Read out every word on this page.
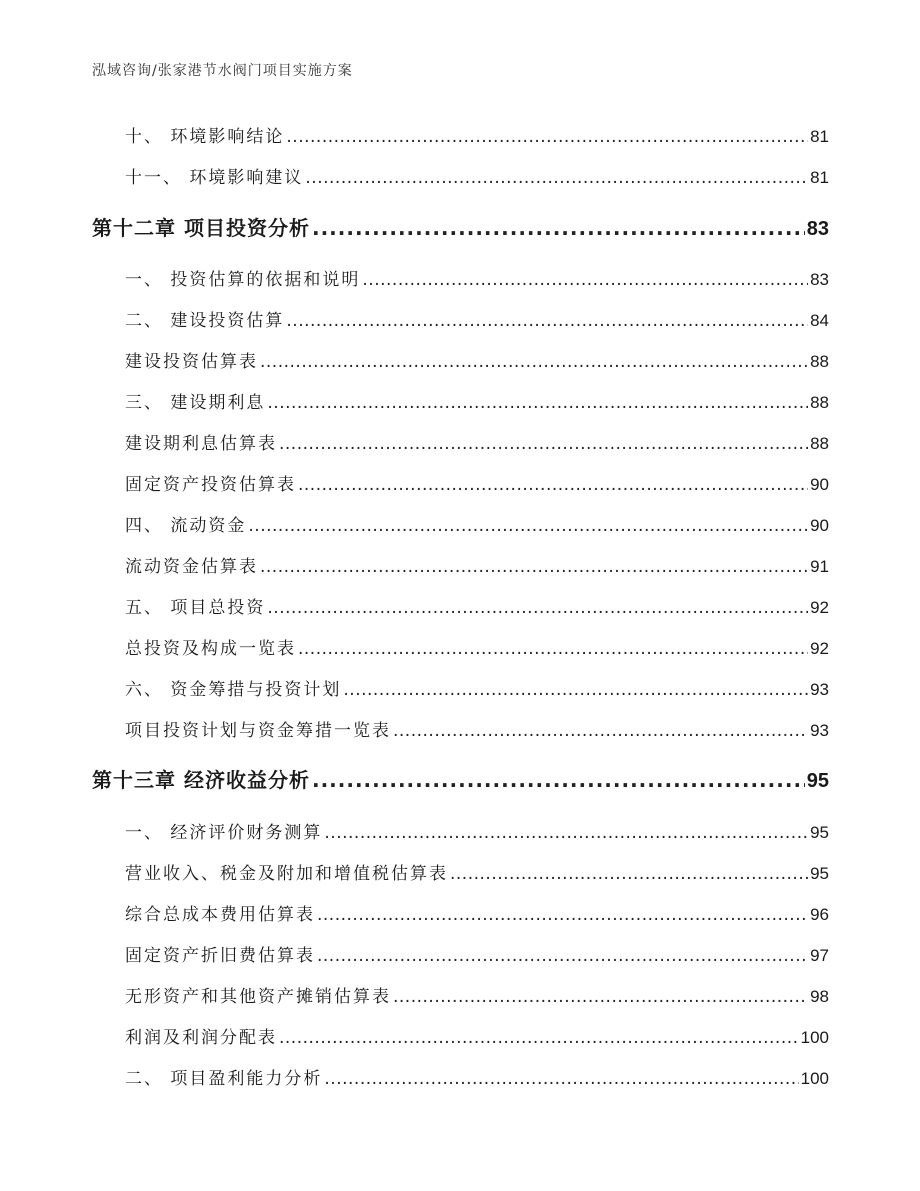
泓域咨询/张家港节水阀门项目实施方案
十、 环境影响结论 .....	81
十一、 环境影响建议 .....	81
第十二章 项目投资分析 .....	83
一、 投资估算的依据和说明 .....	83
二、 建设投资估算 .....	84
建设投资估算表 .....	88
三、 建设期利息 .....	88
建设期利息估算表 .....	88
固定资产投资估算表 .....	90
四、 流动资金 .....	90
流动资金估算表 .....	91
五、 项目总投资 .....	92
总投资及构成一览表 .....	92
六、 资金筹措与投资计划 .....	93
项目投资计划与资金筹措一览表 .....	93
第十三章 经济收益分析 .....	95
一、 经济评价财务测算 .....	95
营业收入、税金及附加和增值税估算表 .....	95
综合总成本费用估算表 .....	96
固定资产折旧费估算表 .....	97
无形资产和其他资产摊销估算表 .....	98
利润及利润分配表 .....	100
二、 项目盈利能力分析 .....	100
